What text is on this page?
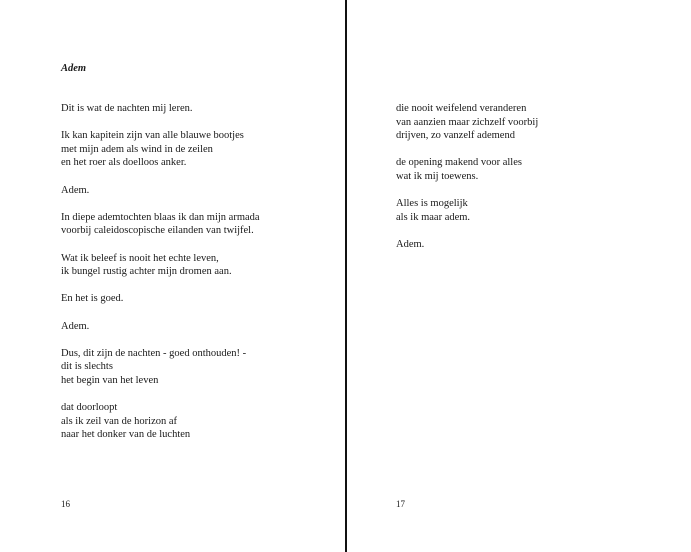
Adem

Dit is wat de nachten mij leren.

Ik kan kapitein zijn van alle blauwe bootjes
met mijn adem als wind in de zeilen
en het roer als doelloos anker.

Adem.

In diepe ademtochten blaas ik dan mijn armada
voorbij caleidoscopische eilanden van twijfel.

Wat ik beleef is nooit het echte leven,
ik bungel rustig achter mijn dromen aan.

En het is goed.

Adem.

Dus, dit zijn de nachten - goed onthouden! -
dit is slechts
het begin van het leven

dat doorloopt
als ik zeil van de horizon af
naar het donker van de luchten

16

die nooit weifelend veranderen
van aanzien maar zichzelf voorbij
drijven, zo vanzelf ademend

de opening makend voor alles
wat ik mij toewens.

Alles is mogelijk
als ik maar adem.

Adem.

17
